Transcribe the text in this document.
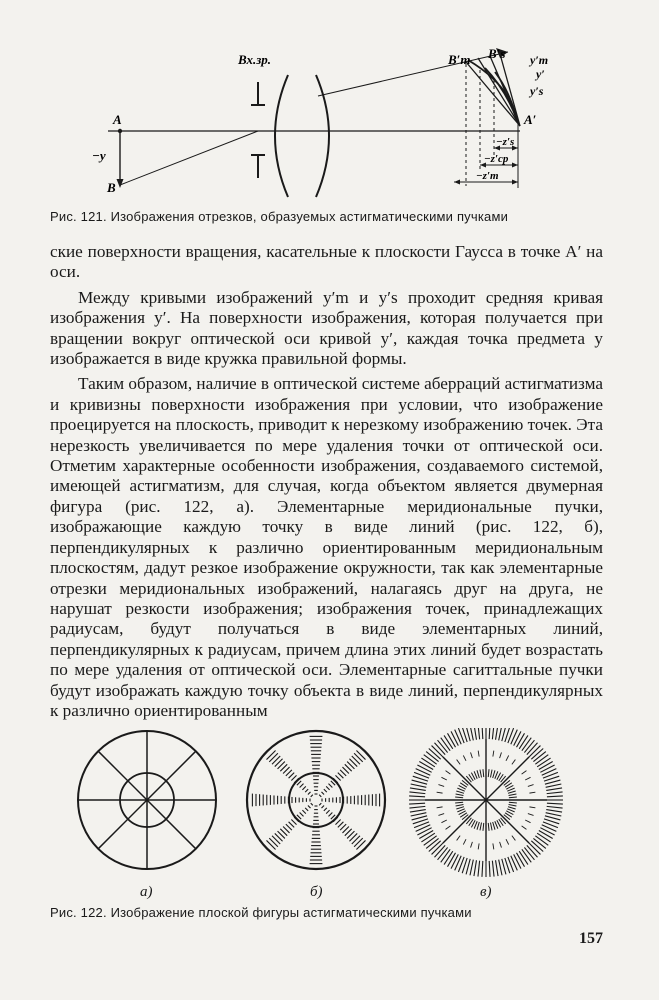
Вх.зр.
A
−y
B
B′m B′s y′m
y′
y′s
A′
−z′s
−z′ср
−z′m
Рис. 121. Изображения отрезков, образуемых астигматическими пучками

ские поверхности вращения, касательные к плоскости Гаусса в точке A′ на оси.

Между кривыми изображений y′m и y′s проходит средняя кривая изображения y′. На поверхности изображения, которая получается при вращении вокруг оптической оси кривой y′, каждая точка предмета y изображается в виде кружка правильной формы.

Таким образом, наличие в оптической системе аберраций астигматизма и кривизны поверхности изображения при условии, что изображение проецируется на плоскость, приводит к нерезкому изображению точек. Эта нерезкость увеличивается по мере удаления точки от оптической оси. Отметим характерные особенности изображения, создаваемого системой, имеющей астигматизм, для случая, когда объектом является двумерная фигура (рис. 122, а). Элементарные меридиональные пучки, изображающие каждую точку в виде линий (рис. 122, б), перпендикулярных к различно ориентированным меридиональным плоскостям, дадут резкое изображение окружности, так как элементарные отрезки меридиональных изображений, налагаясь друг на друга, не нарушат резкости изображения; изображения точек, принадлежащих радиусам, будут получаться в виде элементарных линий, перпендикулярных к радиусам, причем длина этих линий будет возрастать по мере удаления от оптической оси. Элементарные сагиттальные пучки будут изображать каждую точку объекта в виде линий, перпендикулярных к различно ориентированным

а)	б)	в)
Рис. 122. Изображение плоской фигуры астигматическими пучками
157
